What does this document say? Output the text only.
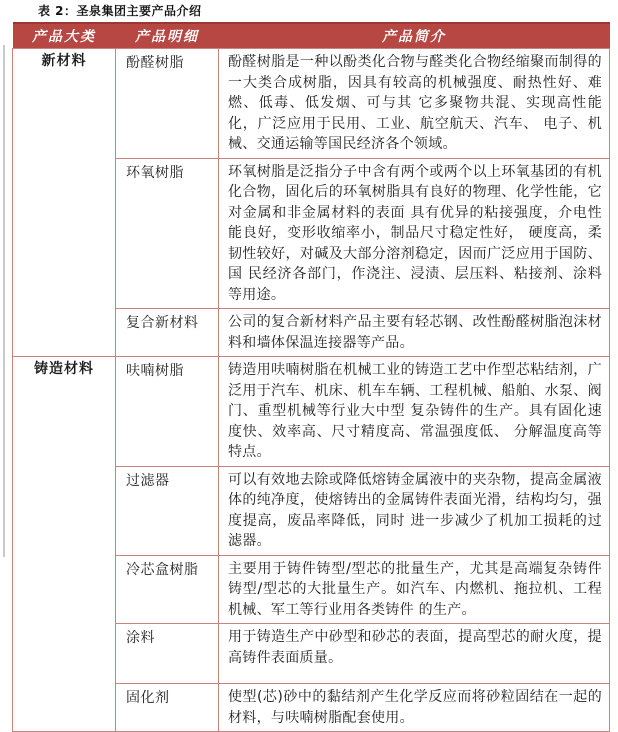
表 2：圣泉集团主要产品介绍
产品大类	产品明细	产品简介
新材料	酚醛树脂	酚醛树脂是一种以酚类化合物与醛类化合物经缩聚而制得的一大类合成树脂，因具有较高的机械强度、耐热性好、难燃、低毒、低发烟、可与其 它多聚物共混、实现高性能化，广泛应用于民用、工业、航空航天、汽车、 电子、机械、交通运输等国民经济各个领域。
	环氧树脂	环氧树脂是泛指分子中含有两个或两个以上环氧基团的有机化合物，固化后的环氧树脂具有良好的物理、化学性能，它对金属和非金属材料的表面 具有优异的粘接强度，介电性能良好，变形收缩率小，制品尺寸稳定性好， 硬度高，柔韧性较好，对碱及大部分溶剂稳定，因而广泛应用于国防、国 民经济各部门，作浇注、浸渍、层压料、粘接剂、涂料等用途。
	复合新材料	公司的复合新材料产品主要有轻芯钢、改性酚醛树脂泡沫材料和墙体保温连接器等产品。
铸造材料	呋喃树脂	铸造用呋喃树脂在机械工业的铸造工艺中作型芯粘结剂，广泛用于汽车、机床、机车车辆、工程机械、船舶、水泵、阀门、重型机械等行业大中型 复杂铸件的生产。具有固化速度快、效率高、尺寸精度高、常温强度低、 分解温度高等特点。
	过滤器	可以有效地去除或降低熔铸金属液中的夹杂物，提高金属液体的纯净度，使熔铸出的金属铸件表面光滑，结构均匀，强度提高，废品率降低，同时 进一步减少了机加工损耗的过滤器。
	冷芯盒树脂	主要用于铸件铸型/型芯的批量生产，尤其是高端复杂铸件铸型/型芯的大批量生产。如汽车、内燃机、拖拉机、工程机械、军工等行业用各类铸件 的生产。
	涂料	用于铸造生产中砂型和砂芯的表面，提高型芯的耐火度，提高铸件表面质量。
	固化剂	使型(芯)砂中的黏结剂产生化学反应而将砂粒固结在一起的材料，与呋喃树脂配套使用。
